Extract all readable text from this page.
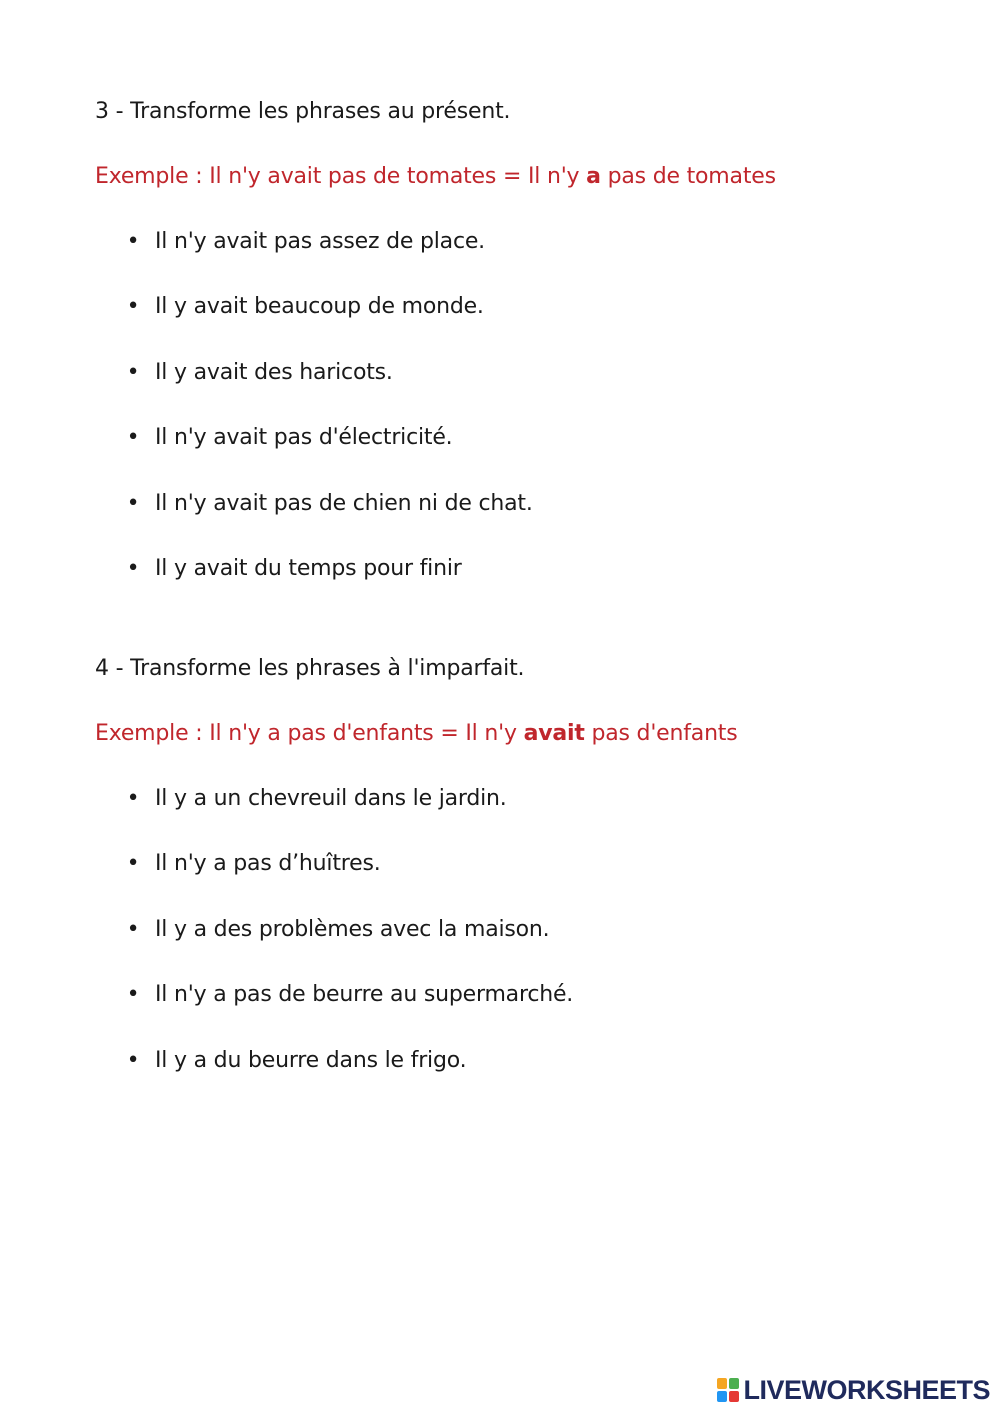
3 - Transforme les phrases au présent.

Exemple : Il n'y avait pas de tomates = Il n'y a pas de tomates

• Il n'y avait pas assez de place.
• Il y avait beaucoup de monde.
• Il y avait des haricots.
• Il n'y avait pas d'électricité.
• Il n'y avait pas de chien ni de chat.
• Il y avait du temps pour finir

4 - Transforme les phrases à l'imparfait.

Exemple : Il n'y a pas d'enfants = Il n'y avait pas d'enfants

• Il y a un chevreuil dans le jardin.
• Il n'y a pas d’huîtres.
• Il y a des problèmes avec la maison.
• Il n'y a pas de beurre au supermarché.
• Il y a du beurre dans le frigo.
LIVEWORKSHEETS
